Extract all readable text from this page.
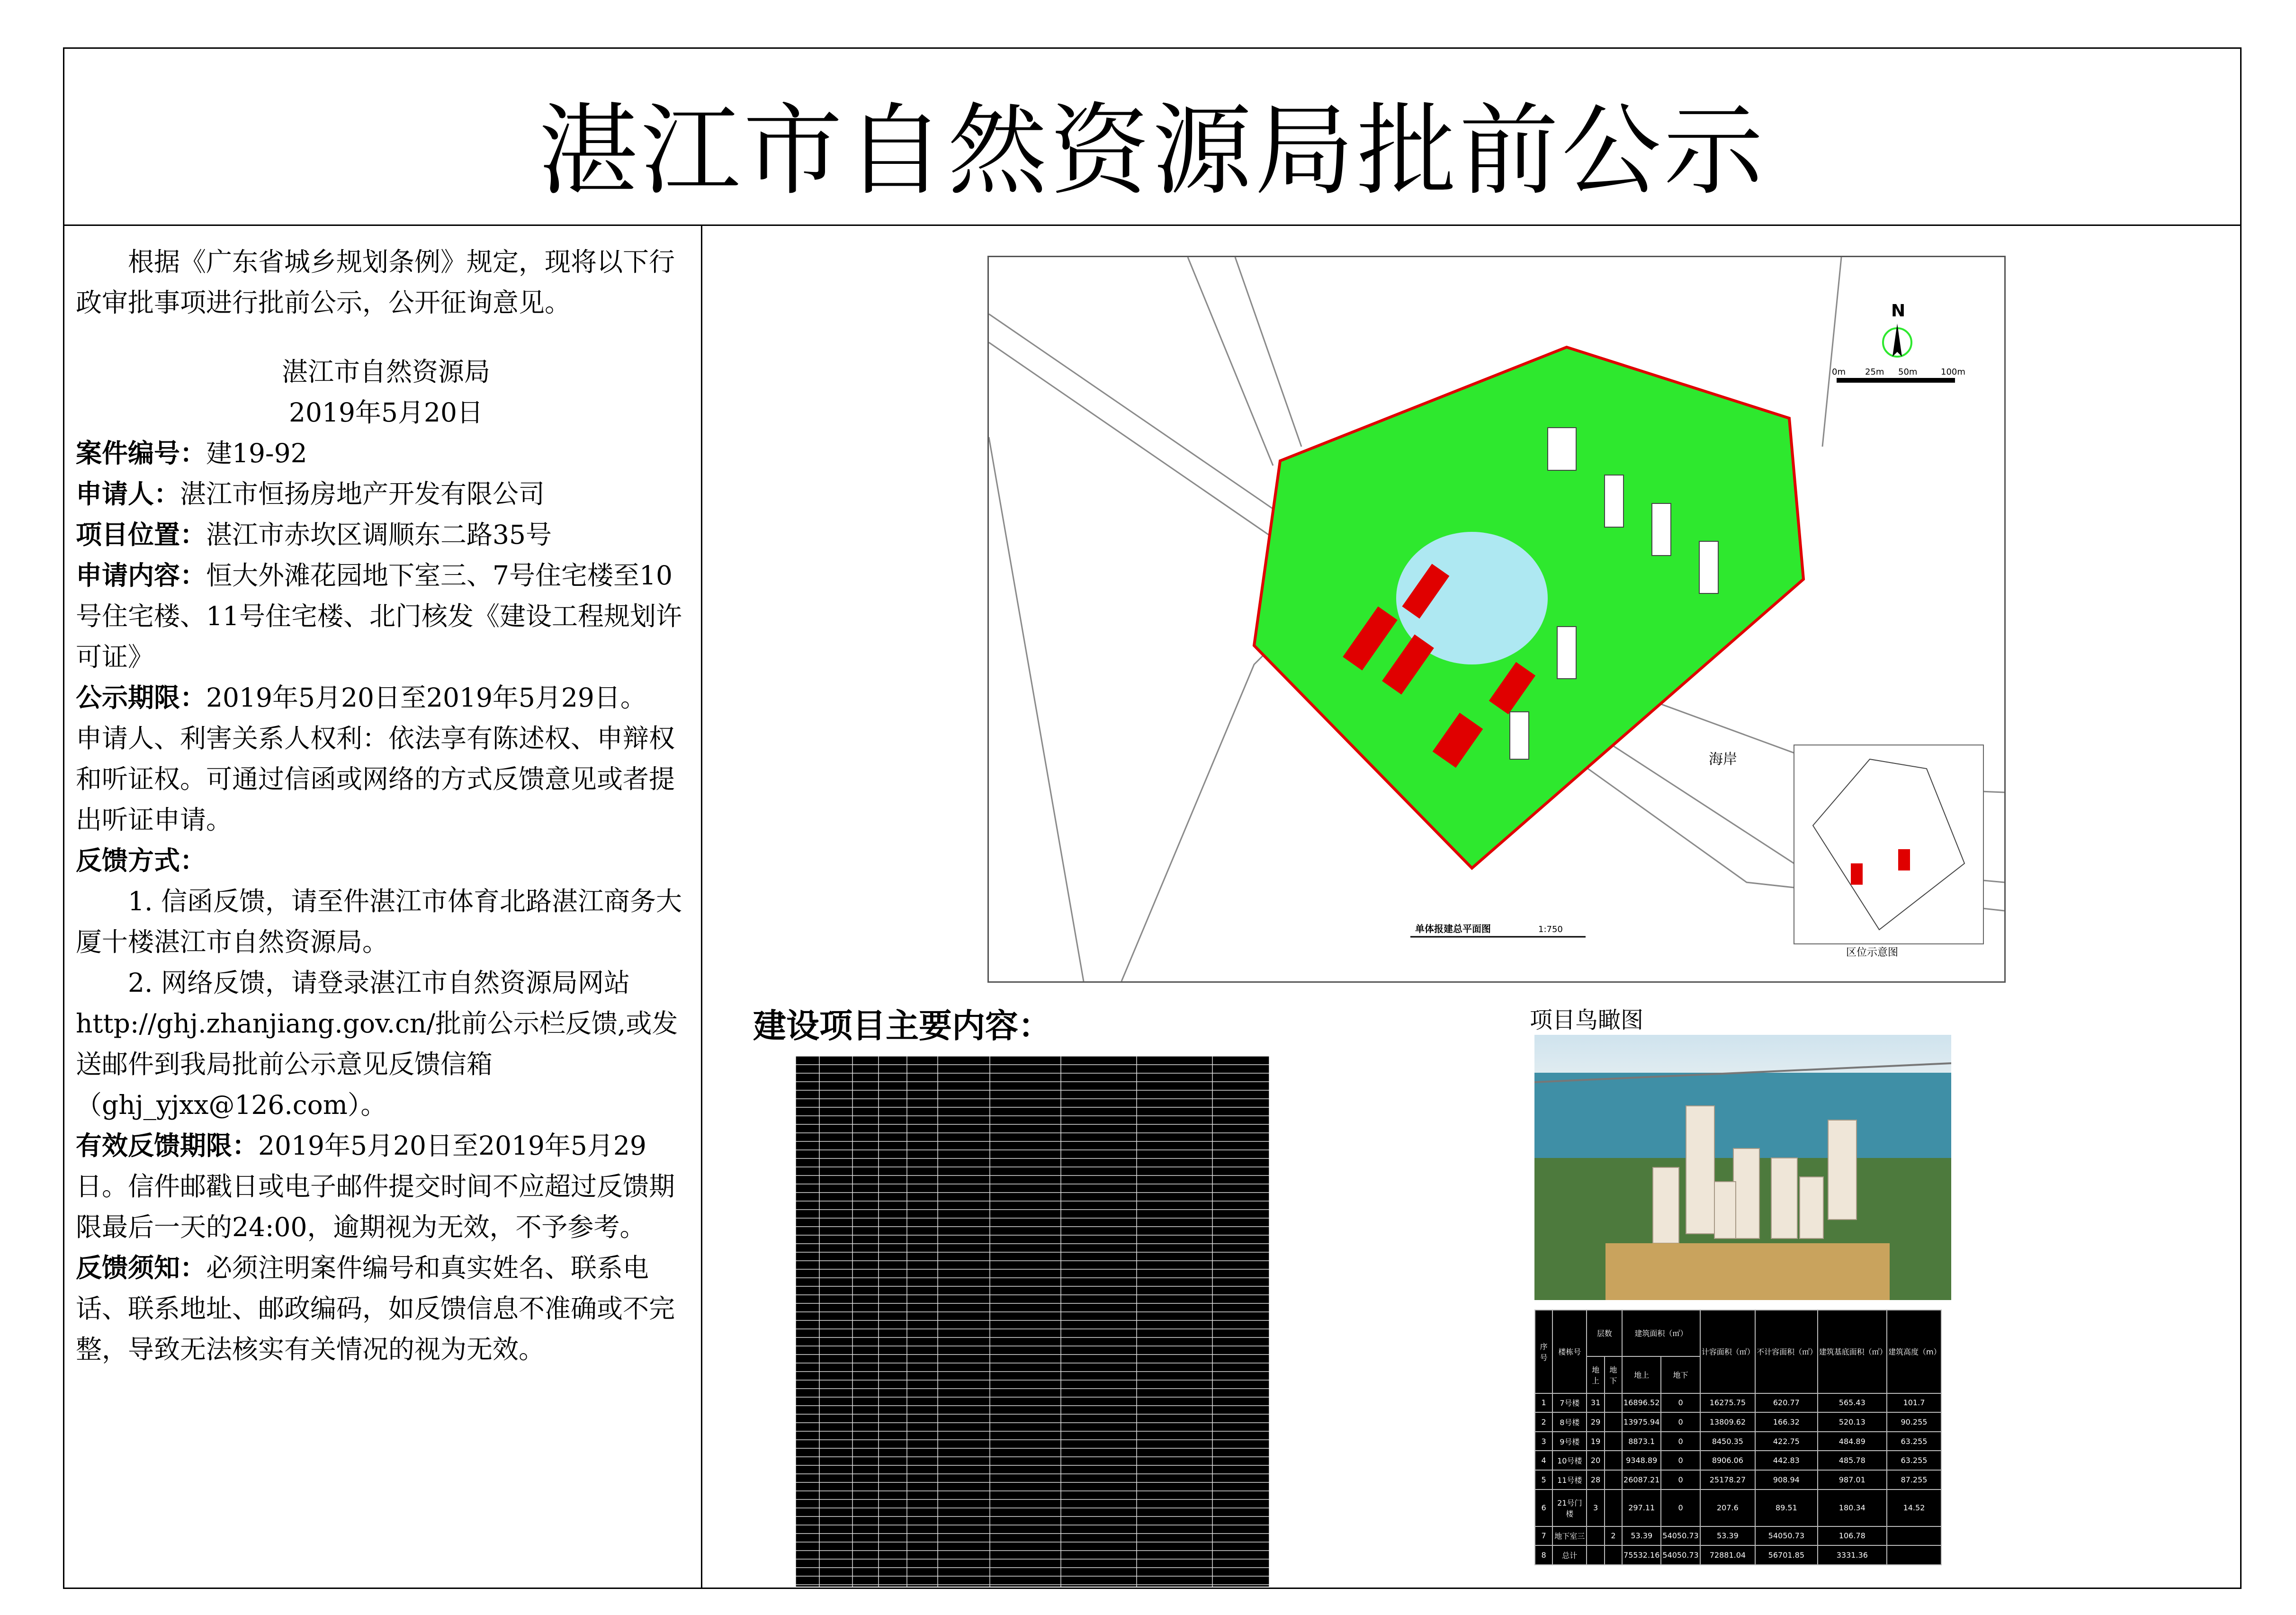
湛江市自然资源局批前公示

根据《广东省城乡规划条例》规定，现将以下行政审批事项进行批前公示，公开征询意见。

湛江市自然资源局

2019年5月20日

案件编号：建19-92

申请人：湛江市恒扬房地产开发有限公司

项目位置：湛江市赤坎区调顺东二路35号

申请内容：恒大外滩花园地下室三、7号住宅楼至10号住宅楼、11号住宅楼、北门核发《建设工程规划许可证》

公示期限：2019年5月20日至2019年5月29日。

申请人、利害关系人权利：依法享有陈述权、申辩权和听证权。可通过信函或网络的方式反馈意见或者提出听证申请。

反馈方式：

1. 信函反馈，请至件湛江市体育北路湛江商务大厦十楼湛江市自然资源局。

2. 网络反馈，请登录湛江市自然资源局网站http://ghj.zhanjiang.gov.cn/批前公示栏反馈,或发送邮件到我局批前公示意见反馈信箱（ghj_yjxx@126.com）。

有效反馈期限：2019年5月20日至2019年5月29日。信件邮戳日或电子邮件提交时间不应超过反馈期限最后一天的24:00，逾期视为无效，不予参考。

反馈须知：必须注明案件编号和真实姓名、联系电话、联系地址、邮政编码，如反馈信息不准确或不完整，导致无法核实有关情况的视为无效。

N
0m 25m 50m	100m
海岸
区位示意图
单体报建总平面图	1:750
建设项目主要内容：	项目鸟瞰图
序号	楼栋号	层数		建筑面积（㎡）		计容面积（㎡）	不计容面积（㎡）	建筑基底面积（㎡）	建筑高度（m）
		地上	地下	地上	地下				
1	7号楼	31		16896.52	0	16275.75	620.77	565.43	101.7
2	8号楼	29		13975.94	0	13809.62	166.32	520.13	90.255
3	9号楼	19		8873.1	0	8450.35	422.75	484.89	63.255
4	10号楼	20		9348.89	0	8906.06	442.83	485.78	63.255
5	11号楼	28		26087.21	0	25178.27	908.94	987.01	87.255
6	21号门楼	3		297.11	0	207.6	89.51	180.34	14.52
7	地下室三		2	53.39	54050.73	53.39	54050.73	106.78	
8	总计			75532.16	54050.73	72881.04	56701.85	3331.36	
